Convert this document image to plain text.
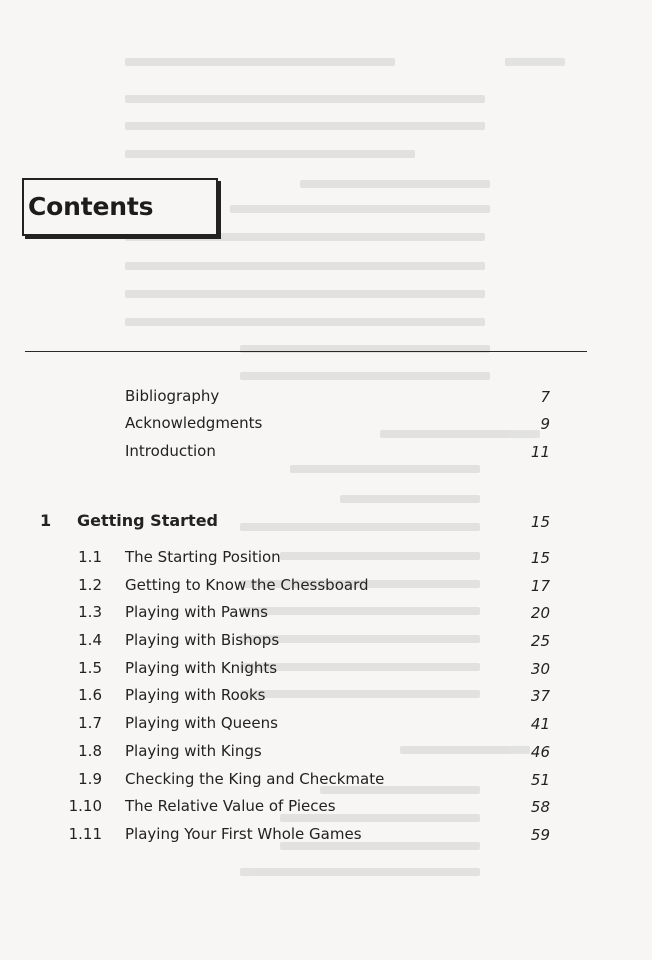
Contents
Bibliography	7
Acknowledgments	9
Introduction	11
1 Getting Started	15
1.1 The Starting Position	15
1.2 Getting to Know the Chessboard	17
1.3 Playing with Pawns	20
1.4 Playing with Bishops	25
1.5 Playing with Knights	30
1.6 Playing with Rooks	37
1.7 Playing with Queens	41
1.8 Playing with Kings	46
1.9 Checking the King and Checkmate	51
1.10 The Relative Value of Pieces	58
1.11 Playing Your First Whole Games	59
